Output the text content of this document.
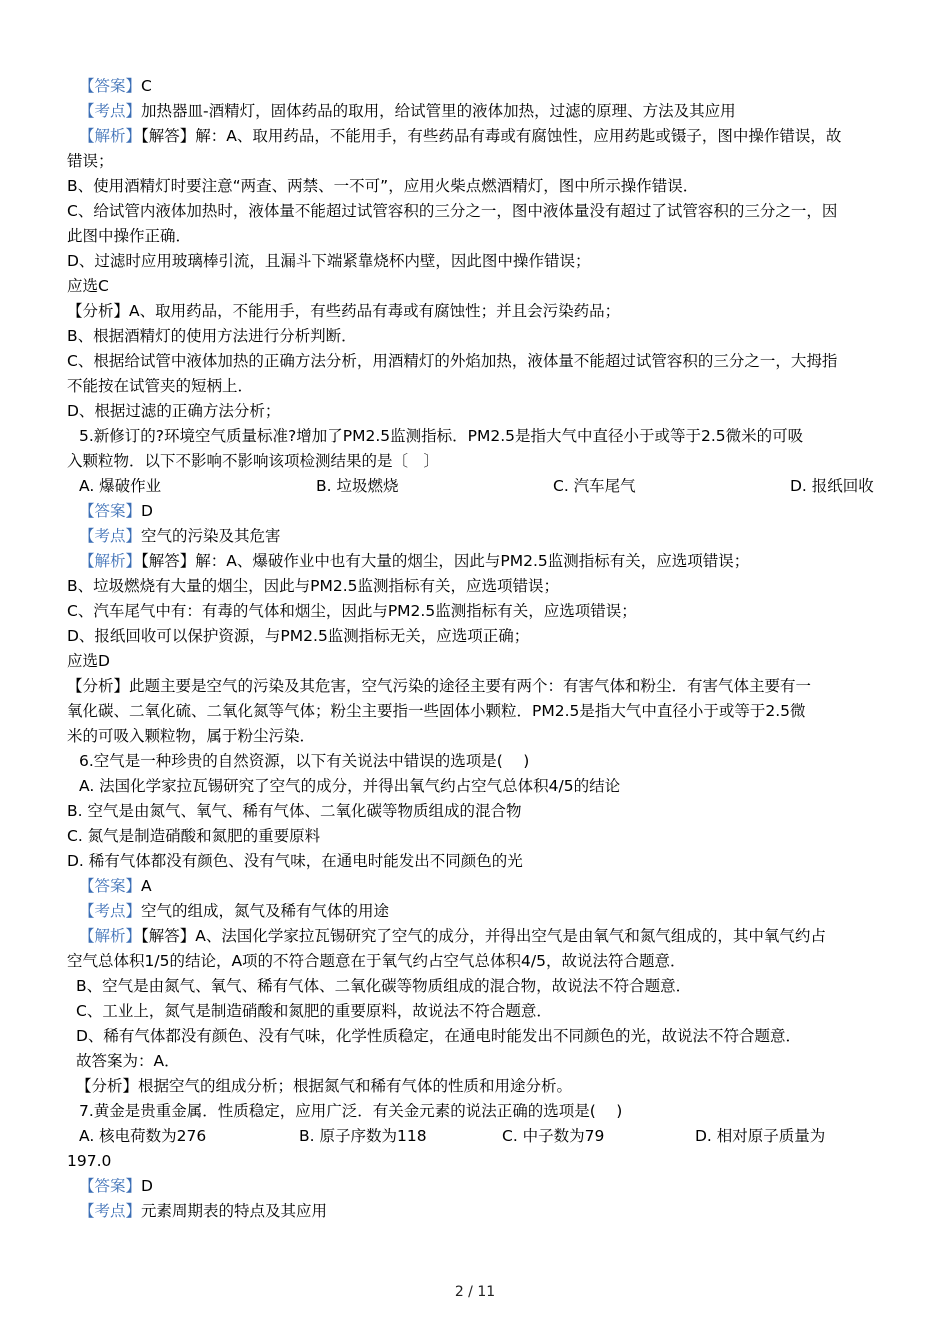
【答案】C
【考点】加热器皿-酒精灯，固体药品的取用，给试管里的液体加热，过滤的原理、方法及其应用
【解析】【解答】解：A、取用药品，不能用手，有些药品有毒或有腐蚀性，应用药匙或镊子，图中操作错误，故
错误；
B、使用酒精灯时要注意“两查、两禁、一不可”，应用火柴点燃酒精灯，图中所示操作错误．
C、给试管内液体加热时，液体量不能超过试管容积的三分之一，图中液体量没有超过了试管容积的三分之一，因
此图中操作正确．
D、过滤时应用玻璃棒引流，且漏斗下端紧靠烧杯内壁，因此图中操作错误；
应选C
【分析】A、取用药品，不能用手，有些药品有毒或有腐蚀性；并且会污染药品；
B、根据酒精灯的使用方法进行分析判断．
C、根据给试管中液体加热的正确方法分析，用酒精灯的外焰加热，液体量不能超过试管容积的三分之一，大拇指
不能按在试管夹的短柄上．
D、根据过滤的正确方法分析；
5.新修订的?环境空气质量标准?增加了PM2.5监测指标．PM2.5是指大气中直径小于或等于2.5微米的可吸
入颗粒物．以下不影响不影响该项检测结果的是〔　〕
A. 爆破作业	B. 垃圾燃烧	C. 汽车尾气	D. 报纸回收
【答案】D
【考点】空气的污染及其危害
【解析】【解答】解：A、爆破作业中也有大量的烟尘，因此与PM2.5监测指标有关，应选项错误；
B、垃圾燃烧有大量的烟尘，因此与PM2.5监测指标有关，应选项错误；
C、汽车尾气中有：有毒的气体和烟尘，因此与PM2.5监测指标有关，应选项错误；
D、报纸回收可以保护资源，与PM2.5监测指标无关，应选项正确；
应选D
【分析】此题主要是空气的污染及其危害，空气污染的途径主要有两个：有害气体和粉尘．有害气体主要有一
氧化碳、二氧化硫、二氧化氮等气体；粉尘主要指一些固体小颗粒．PM2.5是指大气中直径小于或等于2.5微
米的可吸入颗粒物，属于粉尘污染．
6.空气是一种珍贵的自然资源，以下有关说法中错误的选项是(　 )
A. 法国化学家拉瓦锡研究了空气的成分，并得出氧气约占空气总体积4/5的结论
B. 空气是由氮气、氧气、稀有气体、二氧化碳等物质组成的混合物
C. 氮气是制造硝酸和氮肥的重要原料
D. 稀有气体都没有颜色、没有气味，在通电时能发出不同颜色的光
【答案】A
【考点】空气的组成，氮气及稀有气体的用途
【解析】【解答】A、法国化学家拉瓦锡研究了空气的成分，并得出空气是由氧气和氮气组成的，其中氧气约占
空气总体积1/5的结论，A项的不符合题意在于氧气约占空气总体积4/5，故说法符合题意．
B、空气是由氮气、氧气、稀有气体、二氧化碳等物质组成的混合物，故说法不符合题意．
C、工业上，氮气是制造硝酸和氮肥的重要原料，故说法不符合题意．
D、稀有气体都没有颜色、没有气味，化学性质稳定，在通电时能发出不同颜色的光，故说法不符合题意．
故答案为：A．
【分析】根据空气的组成分析；根据氮气和稀有气体的性质和用途分析。
7.黄金是贵重金属．性质稳定，应用广泛．有关金元素的说法正确的选项是(　 )
A. 核电荷数为276	B. 原子序数为118	C. 中子数为79	D. 相对原子质量为
197.0
【答案】D
【考点】元素周期表的特点及其应用
2 / 11
